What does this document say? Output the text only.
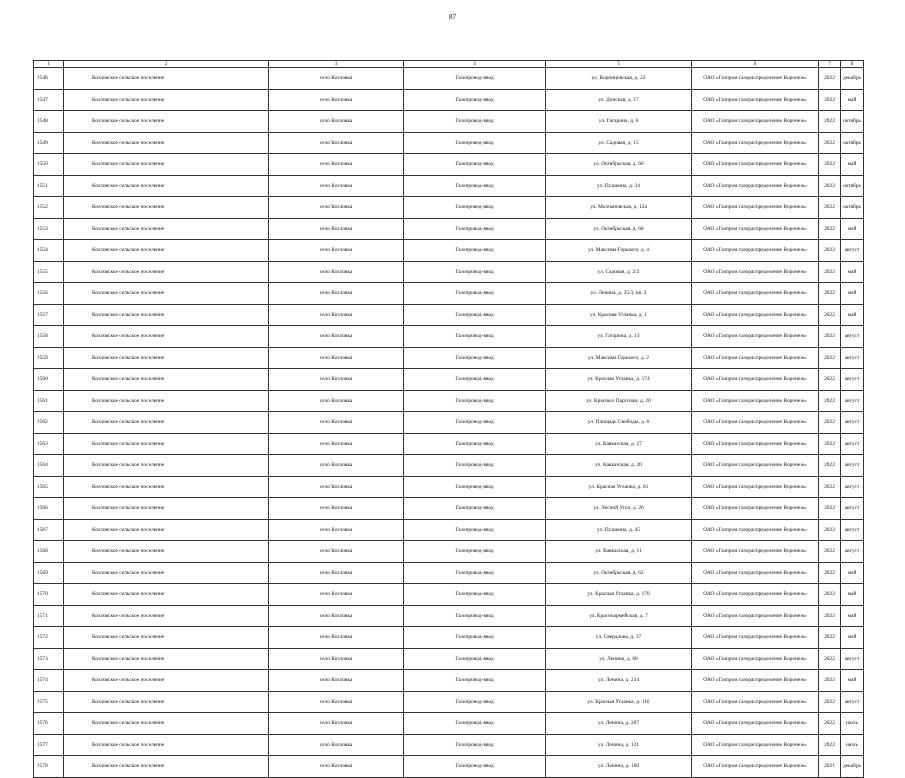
87
1	2	3	4	5	6	7	8
1546	Козловское сельское поселение	село Козловка	Газопровод-ввод	ул. Воронцовская, д. 22	ОАО «Газпром газораспределение Воронеж»	2022	декабрь
1547	Козловское сельское поселение	село Козловка	Газопровод-ввод	ул. Донская, д. 17	ОАО «Газпром газораспределение Воронеж»	2022	май
1548	Козловское сельское поселение	село Козловка	Газопровод-ввод	ул. Гагарина, д. 6	ОАО «Газпром газораспределение Воронеж»	2022	октябрь
1549	Козловское сельское поселение	село Козловка	Газопровод-ввод	ул. Садовая, д. 15	ОАО «Газпром газораспределение Воронеж»	2022	октябрь
1550	Козловское сельское поселение	село Козловка	Газопровод-ввод	ул. Октябрьская, д. 66	ОАО «Газпром газораспределение Воронеж»	2022	май
1551	Козловское сельское поселение	село Козловка	Газопровод-ввод	ул. Пушкина, д. 34	ОАО «Газпром газораспределение Воронеж»	2022	октябрь
1552	Козловское сельское поселение	село Козловка	Газопровод-ввод	ул. Молчановская, д. 12а	ОАО «Газпром газораспределение Воронеж»	2022	октябрь
1553	Козловское сельское поселение	село Козловка	Газопровод-ввод	ул. Октябрьская, д. 68	ОАО «Газпром газораспределение Воронеж»	2022	май
1554	Козловское сельское поселение	село Козловка	Газопровод-ввод	ул. Максима Горького, д. 4	ОАО «Газпром газораспределение Воронеж»	2022	август
1555	Козловское сельское поселение	село Козловка	Газопровод-ввод	ул. Садовая, д. 2/2	ОАО «Газпром газораспределение Воронеж»	2022	май
1556	Козловское сельское поселение	село Козловка	Газопровод-ввод	ул. Ленина, д. 35/3, кв. 2	ОАО «Газпром газораспределение Воронеж»	2022	май
1557	Козловское сельское поселение	село Козловка	Газопровод-ввод	ул. Красная Угланка, д. 1	ОАО «Газпром газораспределение Воронеж»	2022	май
1558	Козловское сельское поселение	село Козловка	Газопровод-ввод	ул. Гагарина, д. 13	ОАО «Газпром газораспределение Воронеж»	2022	август
1559	Козловское сельское поселение	село Козловка	Газопровод-ввод	ул. Максима Горького, д. 2	ОАО «Газпром газораспределение Воронеж»	2022	август
1560	Козловское сельское поселение	село Козловка	Газопровод-ввод	ул. Красная Угланка, д. 174	ОАО «Газпром газораспределение Воронеж»	2022	август
1561	Козловское сельское поселение	село Козловка	Газопровод-ввод	ул. Красных Партизан, д. 20	ОАО «Газпром газораспределение Воронеж»	2022	август
1562	Козловское сельское поселение	село Козловка	Газопровод-ввод	ул. Площадь Свободы, д. 6	ОАО «Газпром газораспределение Воронеж»	2022	август
1563	Козловское сельское поселение	село Козловка	Газопровод-ввод	ул. Кавказская, д. 27	ОАО «Газпром газораспределение Воронеж»	2022	август
1564	Козловское сельское поселение	село Козловка	Газопровод-ввод	ул. Кавказская, д. 20	ОАО «Газпром газораспределение Воронеж»	2022	август
1565	Козловское сельское поселение	село Козловка	Газопровод-ввод	ул. Красная Угланка, д. 81	ОАО «Газпром газораспределение Воронеж»	2022	август
1566	Козловское сельское поселение	село Козловка	Газопровод-ввод	ул. Лесной Угол, д. 26	ОАО «Газпром газораспределение Воронеж»	2022	август
1567	Козловское сельское поселение	село Козловка	Газопровод-ввод	ул. Пушкина, д. 45	ОАО «Газпром газораспределение Воронеж»	2022	август
1568	Козловское сельское поселение	село Козловка	Газопровод-ввод	ул. Кавказская, д. 11	ОАО «Газпром газораспределение Воронеж»	2022	август
1569	Козловское сельское поселение	село Козловка	Газопровод-ввод	ул. Октябрьская, д. 62	ОАО «Газпром газораспределение Воронеж»	2022	май
1570	Козловское сельское поселение	село Козловка	Газопровод-ввод	ул. Красная Угланка, д. 176	ОАО «Газпром газораспределение Воронеж»	2022	май
1571	Козловское сельское поселение	село Козловка	Газопровод-ввод	ул. Красноармейская, д. 7	ОАО «Газпром газораспределение Воронеж»	2022	май
1572	Козловское сельское поселение	село Козловка	Газопровод-ввод	ул. Свердлова, д. 37	ОАО «Газпром газораспределение Воронеж»	2022	май
1573	Козловское сельское поселение	село Козловка	Газопровод-ввод	ул. Ленина, д. 60	ОАО «Газпром газораспределение Воронеж»	2022	август
1574	Козловское сельское поселение	село Козловка	Газопровод-ввод	ул. Ленина, д. 234	ОАО «Газпром газораспределение Воронеж»	2022	май
1575	Козловское сельское поселение	село Козловка	Газопровод-ввод	ул. Красная Угланка, д. 116	ОАО «Газпром газораспределение Воронеж»	2022	август
1576	Козловское сельское поселение	село Козловка	Газопровод-ввод	ул. Ленина, д. 207	ОАО «Газпром газораспределение Воронеж»	2022	июль
1577	Козловское сельское поселение	село Козловка	Газопровод-ввод	ул. Ленина, д. 121	ОАО «Газпром газораспределение Воронеж»	2022	июль
1578	Козловское сельское поселение	село Козловка	Газопровод-ввод	ул. Ленина, д. 160	ОАО «Газпром газораспределение Воронеж»	2021	декабрь
